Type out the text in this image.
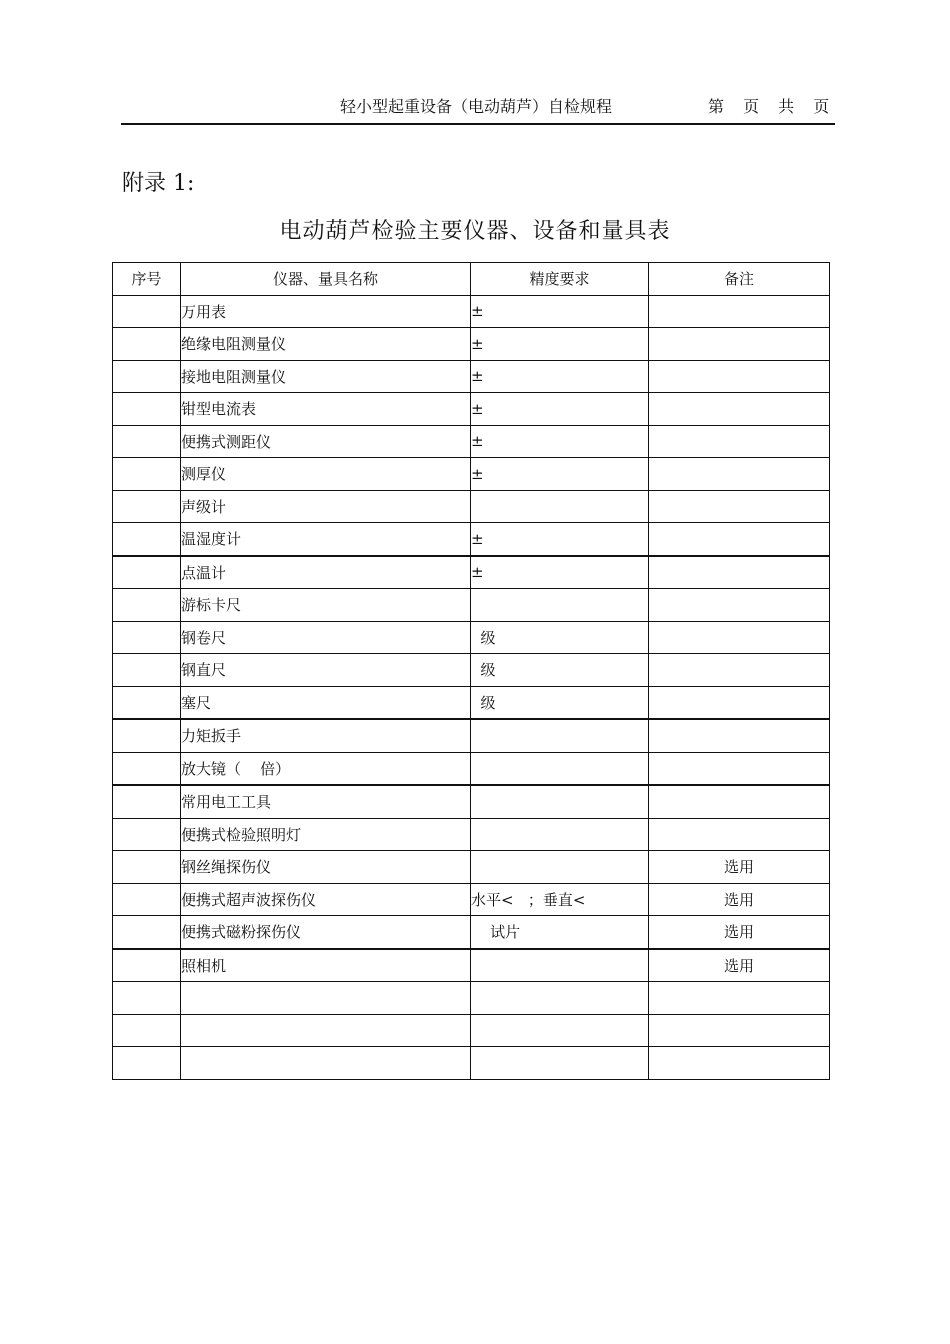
轻小型起重设备（电动葫芦）自检规程	第 页 共 页
附录 1:
电动葫芦检验主要仪器、设备和量具表
序号	仪器、量具名称	精度要求	备注
	万用表	±	
	绝缘电阻测量仪	±	
	接地电阻测量仪	±	
	钳型电流表	±	
	便携式测距仪	±	
	测厚仪	±	
	声级计		
	温湿度计	±	
	点温计	±	
	游标卡尺		
	钢卷尺	级	
	钢直尺	级	
	塞尺	级	
	力矩扳手		
	放大镜（    倍）		
	常用电工工具		
	便携式检验照明灯		
	钢丝绳探伤仪		选用
	便携式超声波探伤仪	水平<   ；垂直<	选用
	便携式磁粉探伤仪	试片	选用
	照相机		选用
